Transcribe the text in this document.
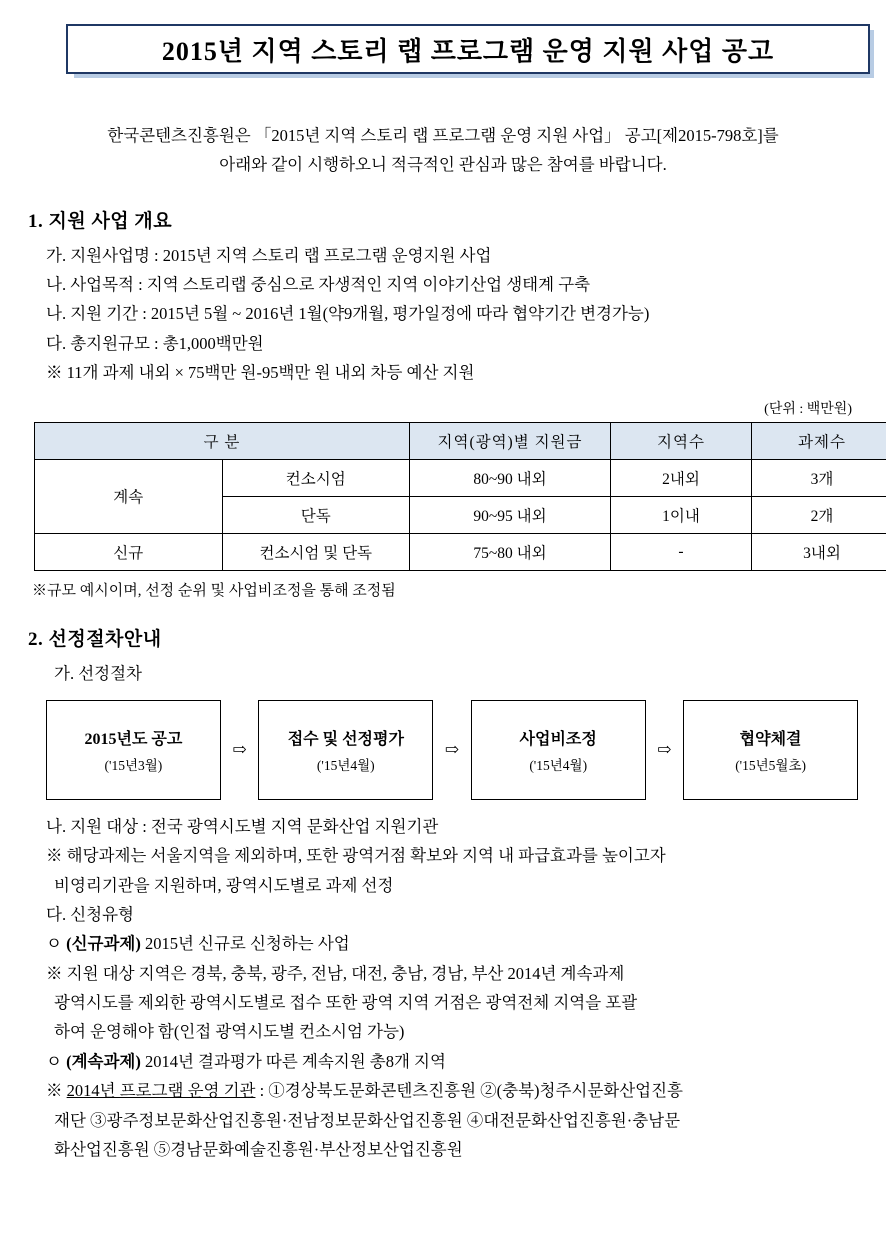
2015년 지역 스토리 랩 프로그램 운영 지원 사업 공고
한국콘텐츠진흥원은 「2015년 지역 스토리 랩 프로그램 운영 지원 사업」 공고[제2015-798호]를
아래와 같이 시행하오니 적극적인 관심과 많은 참여를 바랍니다.
1. 지원 사업 개요
가. 지원사업명 : 2015년 지역 스토리 랩 프로그램 운영지원 사업
나. 사업목적 : 지역 스토리랩 중심으로 자생적인 지역 이야기산업 생태계 구축
나. 지원 기간 : 2015년 5월 ~ 2016년 1월(약9개월, 평가일정에 따라 협약기간 변경가능)
다. 총지원규모 : 총1,000백만원
※ 11개 과제 내외 × 75백만 원-95백만 원 내외 차등 예산 지원
(단위 : 백만원)
구 분		지역(광역)별 지원금	지역수	과제수
계속	컨소시엄	80~90 내외	2내외	3개
	단독	90~95 내외	1이내	2개
신규	컨소시엄 및 단독	75~80 내외	-	3내외
※규모 예시이며, 선정 순위 및 사업비조정을 통해 조정됨
2. 선정절차안내
가. 선정절차
2015년도 공고
('15년3월)
⇨
접수 및 선정평가
('15년4월)
⇨
사업비조정
('15년4월)
⇨
협약체결
('15년5월초)
나. 지원 대상 : 전국 광역시도별 지역 문화산업 지원기관
※ 해당과제는 서울지역을 제외하며, 또한 광역거점 확보와 지역 내 파급효과를 높이고자
비영리기관을 지원하며, 광역시도별로 과제 선정
다. 신청유형
ㅇ (신규과제) 2015년 신규로 신청하는 사업
※ 지원 대상 지역은 경북, 충북, 광주, 전남, 대전, 충남, 경남, 부산 2014년 계속과제
광역시도를 제외한 광역시도별로 접수 또한 광역 지역 거점은 광역전체 지역을 포괄
하여 운영해야 함(인접 광역시도별 컨소시엄 가능)
ㅇ (계속과제) 2014년 결과평가 따른 계속지원 총8개 지역
※ 2014년 프로그램 운영 기관 : ①경상북도문화콘텐츠진흥원 ②(충북)청주시문화산업진흥
재단 ③광주정보문화산업진흥원·전남정보문화산업진흥원 ④대전문화산업진흥원·충남문
화산업진흥원 ⑤경남문화예술진흥원·부산정보산업진흥원
